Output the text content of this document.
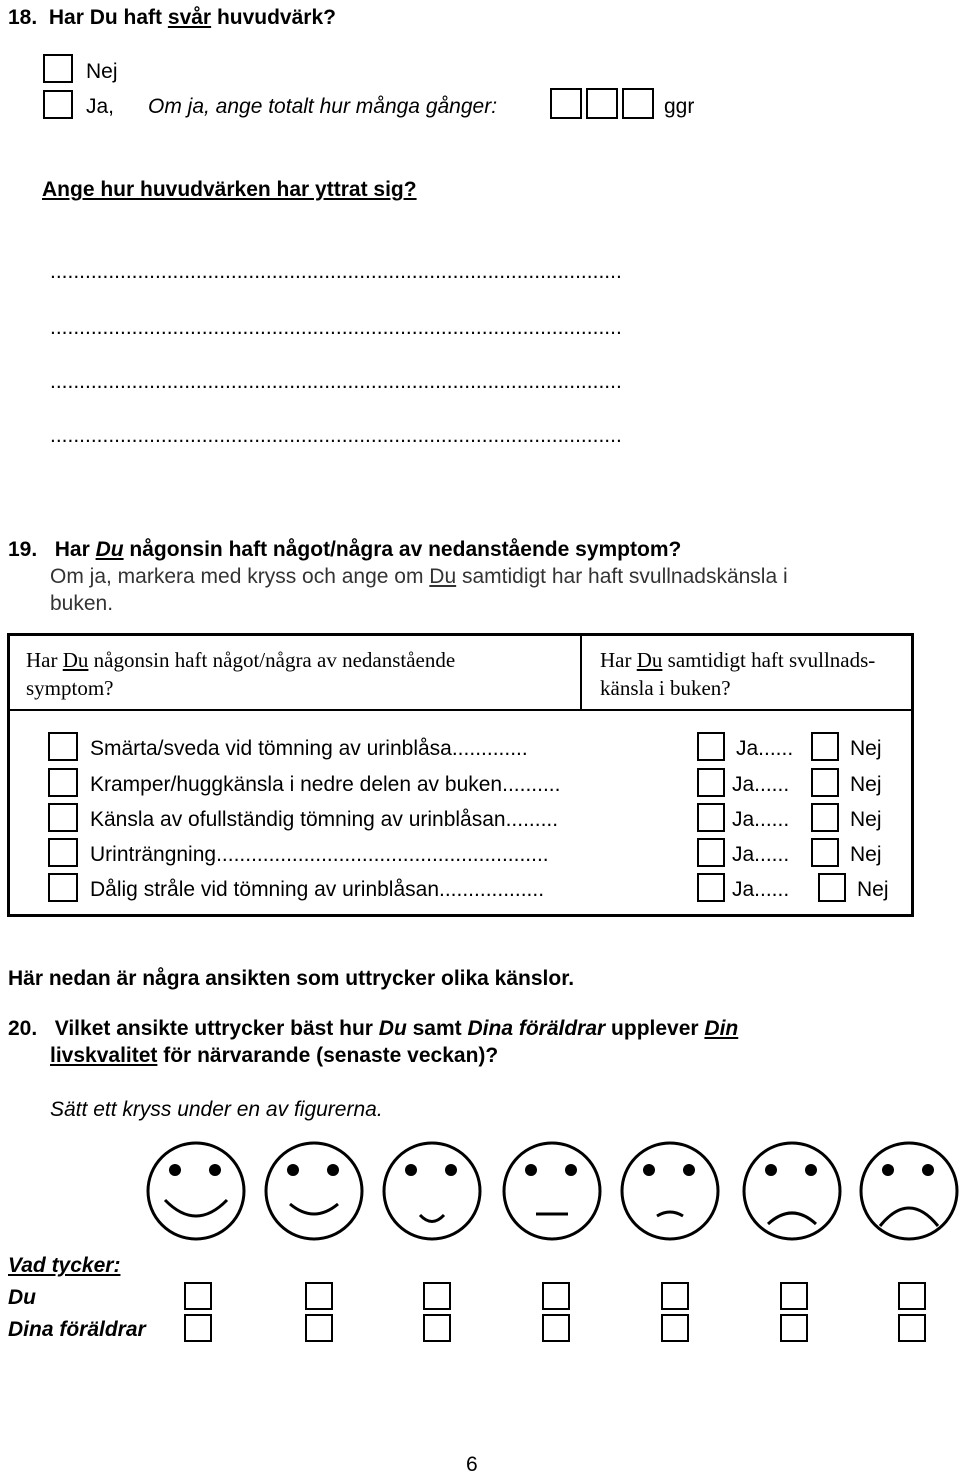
18. Har Du haft svår huvudvärk?
Nej
Ja, Om ja, ange totalt hur många gånger:	ggr
Ange hur huvudvärken har yttrat sig?
..................................................................................................
..................................................................................................
..................................................................................................
..................................................................................................
19. Har Du någonsin haft något/några av nedanstående symptom?
Om ja, markera med kryss och ange om Du samtidigt har haft svullnadskänsla i
buken.
Har Du någonsin haft något/några av nedanstående
symptom?
Har Du samtidigt haft svullnads-
känsla i buken?
Smärta/sveda vid tömning av urinblåsa.............	Ja......	Nej
Kramper/huggkänsla i nedre delen av buken..........	Ja......	Nej
Känsla av ofullständig tömning av urinblåsan.........	Ja......	Nej
Urinträngning.........................................................	Ja......	Nej
Dålig stråle vid tömning av urinblåsan..................	Ja......	Nej
Här nedan är några ansikten som uttrycker olika känslor.
20. Vilket ansikte uttrycker bäst hur Du samt Dina föräldrar upplever Din
livskvalitet för närvarande (senaste veckan)?
Sätt ett kryss under en av figurerna.
Vad tycker:
Du
Dina föräldrar
6
